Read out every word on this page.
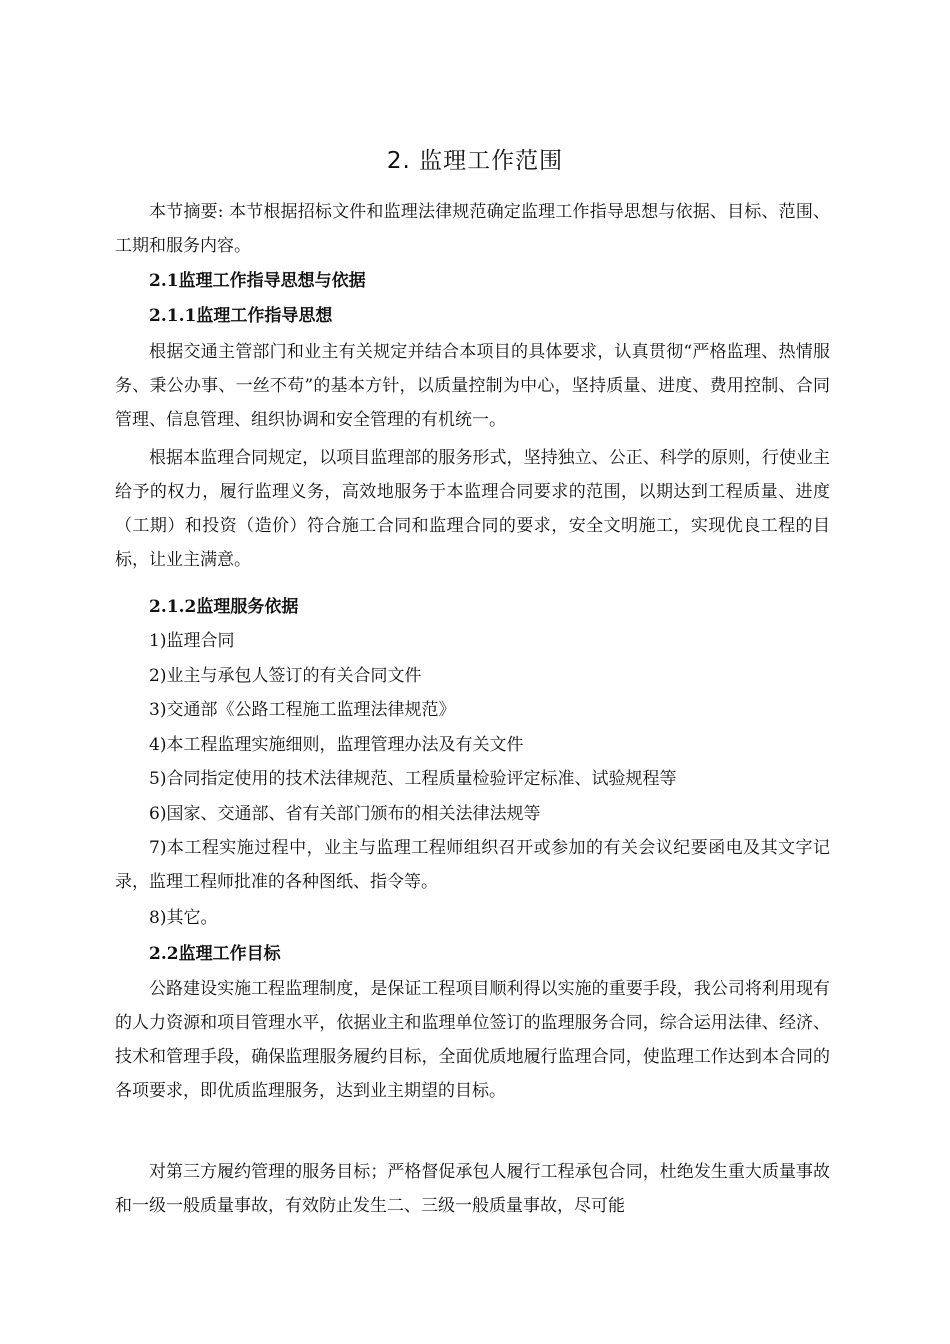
2. 监理工作范围
本节摘要: 本节根据招标文件和监理法律规范确定监理工作指导思想与依据、目标、范围、工期和服务内容。
2.1监理工作指导思想与依据
2.1.1监理工作指导思想
根据交通主管部门和业主有关规定并结合本项目的具体要求，认真贯彻“严格监理、热情服务、秉公办事、一丝不苟”的基本方针，以质量控制为中心，坚持质量、进度、费用控制、合同管理、信息管理、组织协调和安全管理的有机统一。
根据本监理合同规定，以项目监理部的服务形式，坚持独立、公正、科学的原则，行使业主给予的权力，履行监理义务，高效地服务于本监理合同要求的范围，以期达到工程质量、进度（工期）和投资（造价）符合施工合同和监理合同的要求，安全文明施工，实现优良工程的目标，让业主满意。
2.1.2监理服务依据
1)监理合同
2)业主与承包人签订的有关合同文件
3)交通部《公路工程施工监理法律规范》
4)本工程监理实施细则，监理管理办法及有关文件
5)合同指定使用的技术法律规范、工程质量检验评定标准、试验规程等
6)国家、交通部、省有关部门颁布的相关法律法规等
7)本工程实施过程中，业主与监理工程师组织召开或参加的有关会议纪要函电及其文字记录，监理工程师批准的各种图纸、指令等。
8)其它。
2.2监理工作目标
公路建设实施工程监理制度，是保证工程项目顺利得以实施的重要手段，我公司将利用现有的人力资源和项目管理水平，依据业主和监理单位签订的监理服务合同，综合运用法律、经济、技术和管理手段，确保监理服务履约目标，全面优质地履行监理合同，使监理工作达到本合同的各项要求，即优质监理服务，达到业主期望的目标。
对第三方履约管理的服务目标；严格督促承包人履行工程承包合同，杜绝发生重大质量事故和一级一般质量事故，有效防止发生二、三级一般质量事故，尽可能
